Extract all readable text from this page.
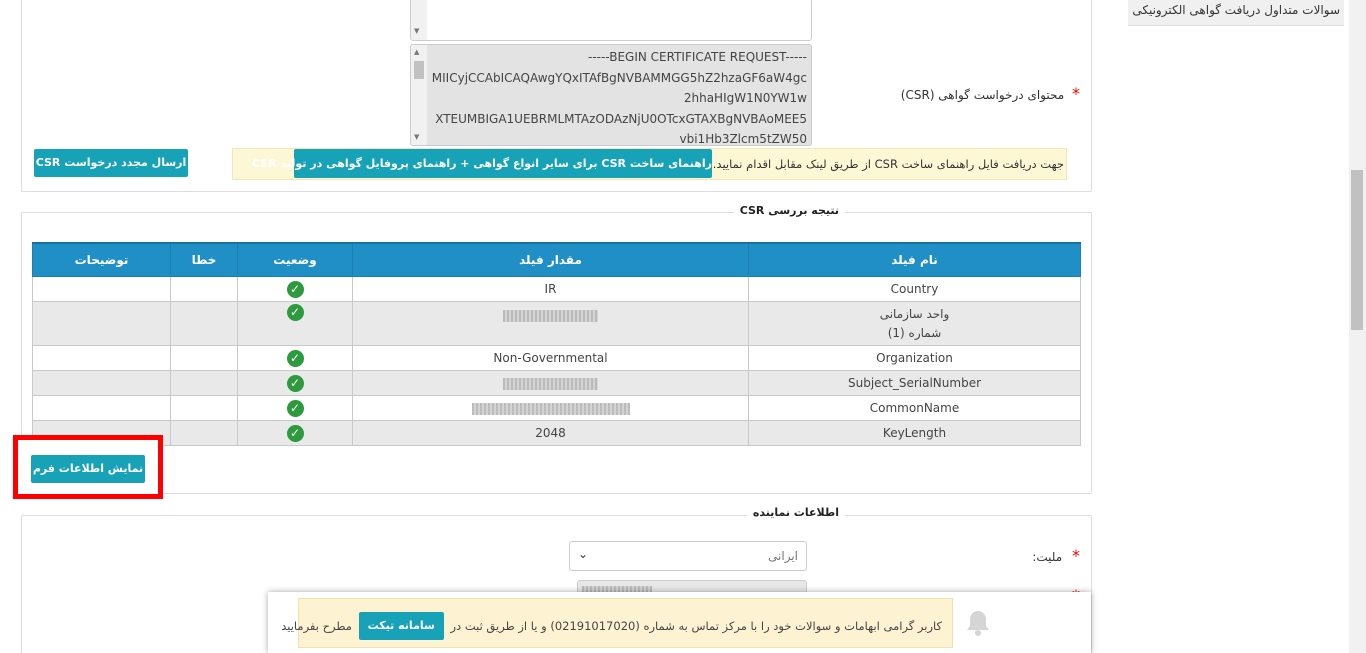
▼
▲
▼
-----BEGIN CERTIFICATE REQUEST-----
MIICyjCCAbICAQAwgYQxITAfBgNVBAMMGG5hZ2hzaGF6aW4gc
2hhaHIgW1N0YW1w
XTEUMBIGA1UEBRMLMTAzODAzNjU0OTcxGTAXBgNVBAoMEE5
vbi1Hb3Zlcm5tZW50
* محتوای درخواست گواهی (CSR)
جهت دریافت فایل راهنمای ساخت CSR از طریق لینک مقابل اقدام نمایید.
راهنمای ساخت CSR برای سایر انواع گواهی + راهنمای پروفایل گواهی در تولید CSR
ارسال مجدد درخواست CSR
نتیجه بررسی CSR
توضیحات	خطا	وضعیت	مقدار فیلد	نام فیلد
		✓	IR	Country
		✓		واحد سازمانی
شماره (1)

		✓	Non-Governmental	Organization
		✓		Subject_SerialNumber
		✓		CommonName
		✓	2048	KeyLength
نمایش اطلاعات فرم
اطلاعات نماینده
* ملیت:
ایرانی
⌄
کاربر گرامی ابهامات و سوالات خود را با مرکز تماس به شماره (02191017020) و یا از طریق ثبت در سامانه تیکت مطرح بفرمایید
سوالات متداول دریافت گواهی الکترونیکی
